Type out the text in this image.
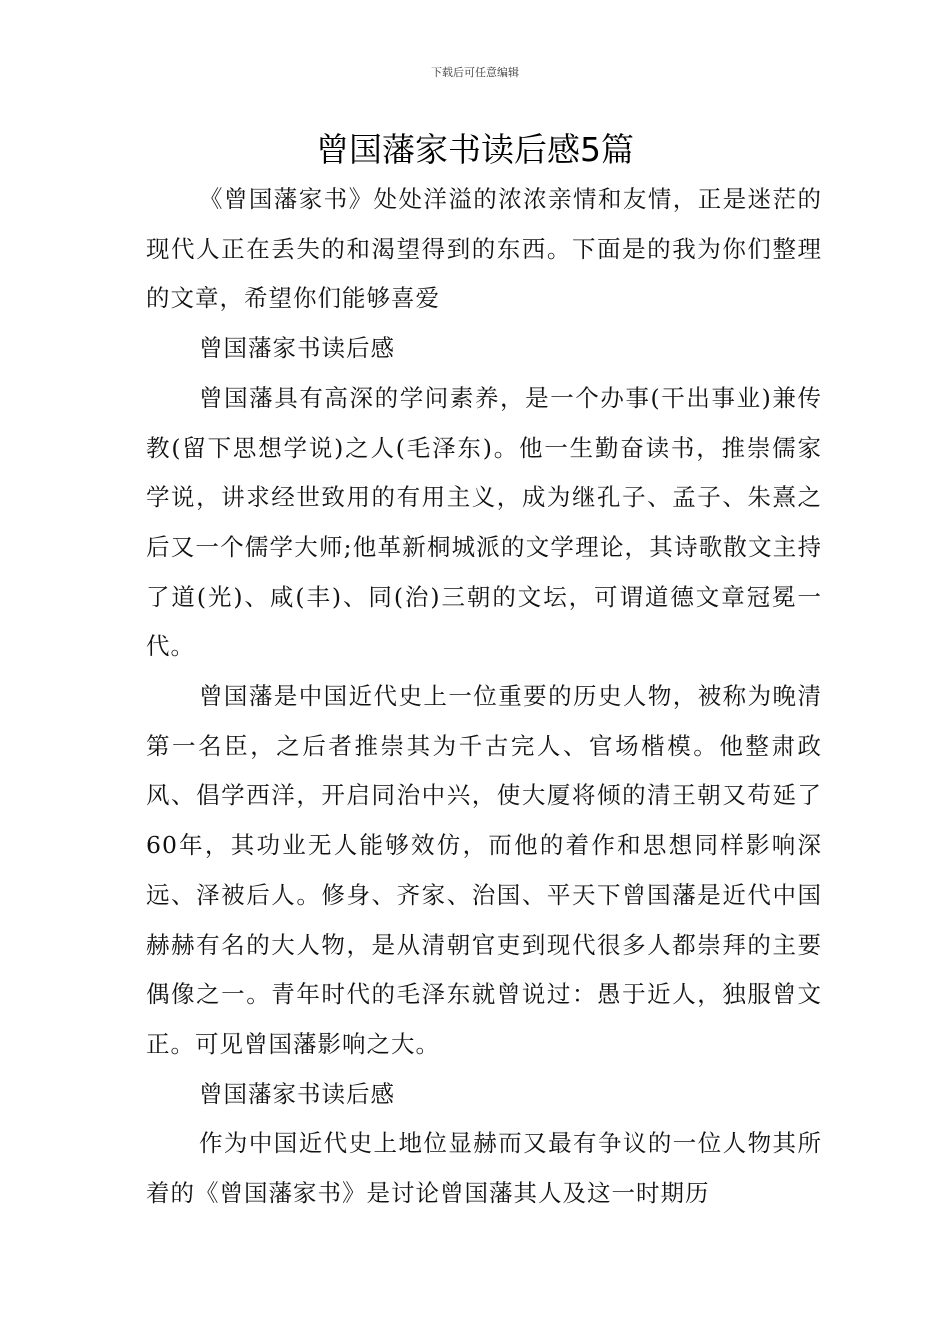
下载后可任意编辑
曾国藩家书读后感5篇

《曾国藩家书》处处洋溢的浓浓亲情和友情，正是迷茫的现代人正在丢失的和渴望得到的东西。下面是的我为你们整理的文章，希望你们能够喜爱

曾国藩家书读后感

曾国藩具有高深的学问素养，是一个办事(干出事业)兼传教(留下思想学说)之人(毛泽东)。他一生勤奋读书，推崇儒家学说，讲求经世致用的有用主义，成为继孔子、孟子、朱熹之后又一个儒学大师;他革新桐城派的文学理论，其诗歌散文主持了道(光)、咸(丰)、同(治)三朝的文坛，可谓道德文章冠冕一代。

曾国藩是中国近代史上一位重要的历史人物，被称为晚清第一名臣，之后者推崇其为千古完人、官场楷模。他整肃政风、倡学西洋，开启同治中兴，使大厦将倾的清王朝又苟延了60年，其功业无人能够效仿，而他的着作和思想同样影响深远、泽被后人。修身、齐家、治国、平天下曾国藩是近代中国赫赫有名的大人物，是从清朝官吏到现代很多人都崇拜的主要偶像之一。青年时代的毛泽东就曾说过：愚于近人，独服曾文正。可见曾国藩影响之大。

曾国藩家书读后感

作为中国近代史上地位显赫而又最有争议的一位人物其所着的《曾国藩家书》是讨论曾国藩其人及这一时期历
